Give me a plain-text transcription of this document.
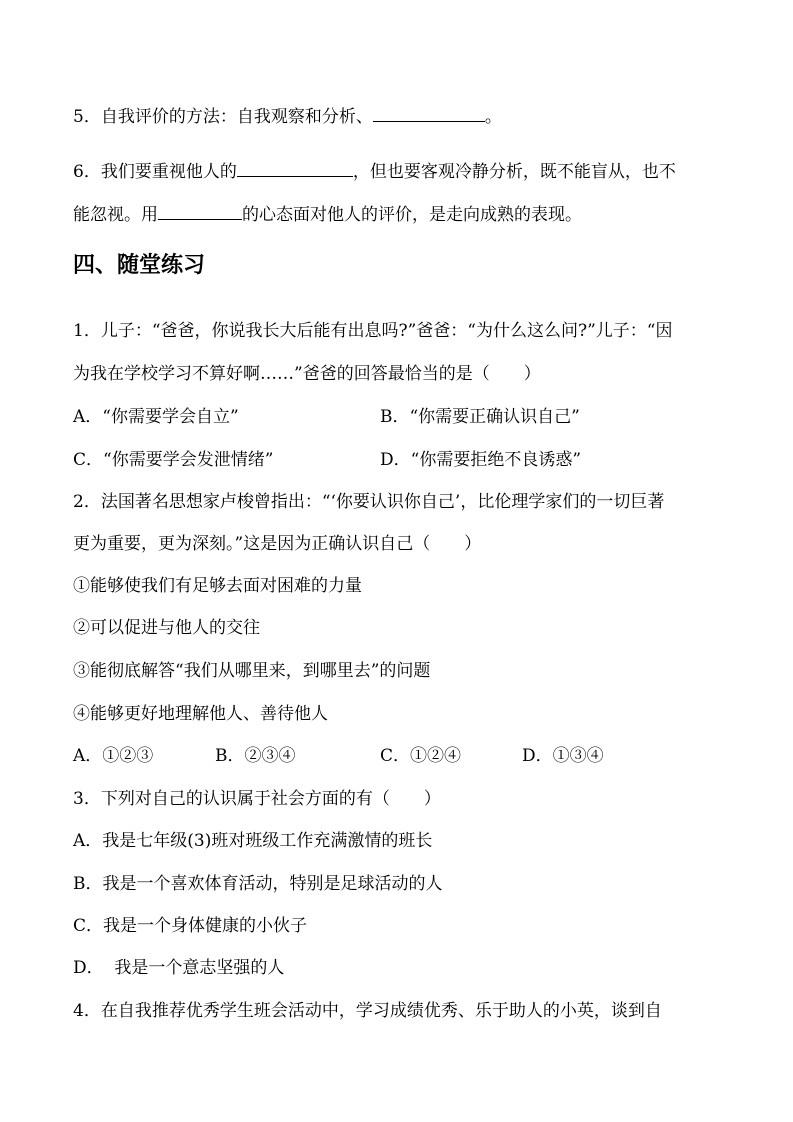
5．自我评价的方法：自我观察和分析、	。
6．我们要重视他人的	，但也要客观冷静分析，既不能盲从，也不
能忽视。用	的心态面对他人的评价，是走向成熟的表现。
四、随堂练习
1．儿子：“爸爸，你说我长大后能有出息吗?”爸爸：“为什么这么问?”儿子：“因
为我在学校学习不算好啊……”爸爸的回答最恰当的是（　　）
A．“你需要学会自立”	B．“你需要正确认识自己”
C．“你需要学会发泄情绪”	D．“你需要拒绝不良诱惑”
2．法国著名思想家卢梭曾指出：“‘你要认识你自己’，比伦理学家们的一切巨著
更为重要，更为深刻。”这是因为正确认识自己（　　）
①能够使我们有足够去面对困难的力量
②可以促进与他人的交往
③能彻底解答“我们从哪里来，到哪里去”的问题
④能够更好地理解他人、善待他人
A．①②③	B．②③④	C．①②④	D．①③④
3．下列对自己的认识属于社会方面的有（　　）
A．我是七年级(3)班对班级工作充满激情的班长
B．我是一个喜欢体育活动，特别是足球活动的人
C．我是一个身体健康的小伙子
D．  我是一个意志坚强的人
4．在自我推荐优秀学生班会活动中，学习成绩优秀、乐于助人的小英，谈到自
